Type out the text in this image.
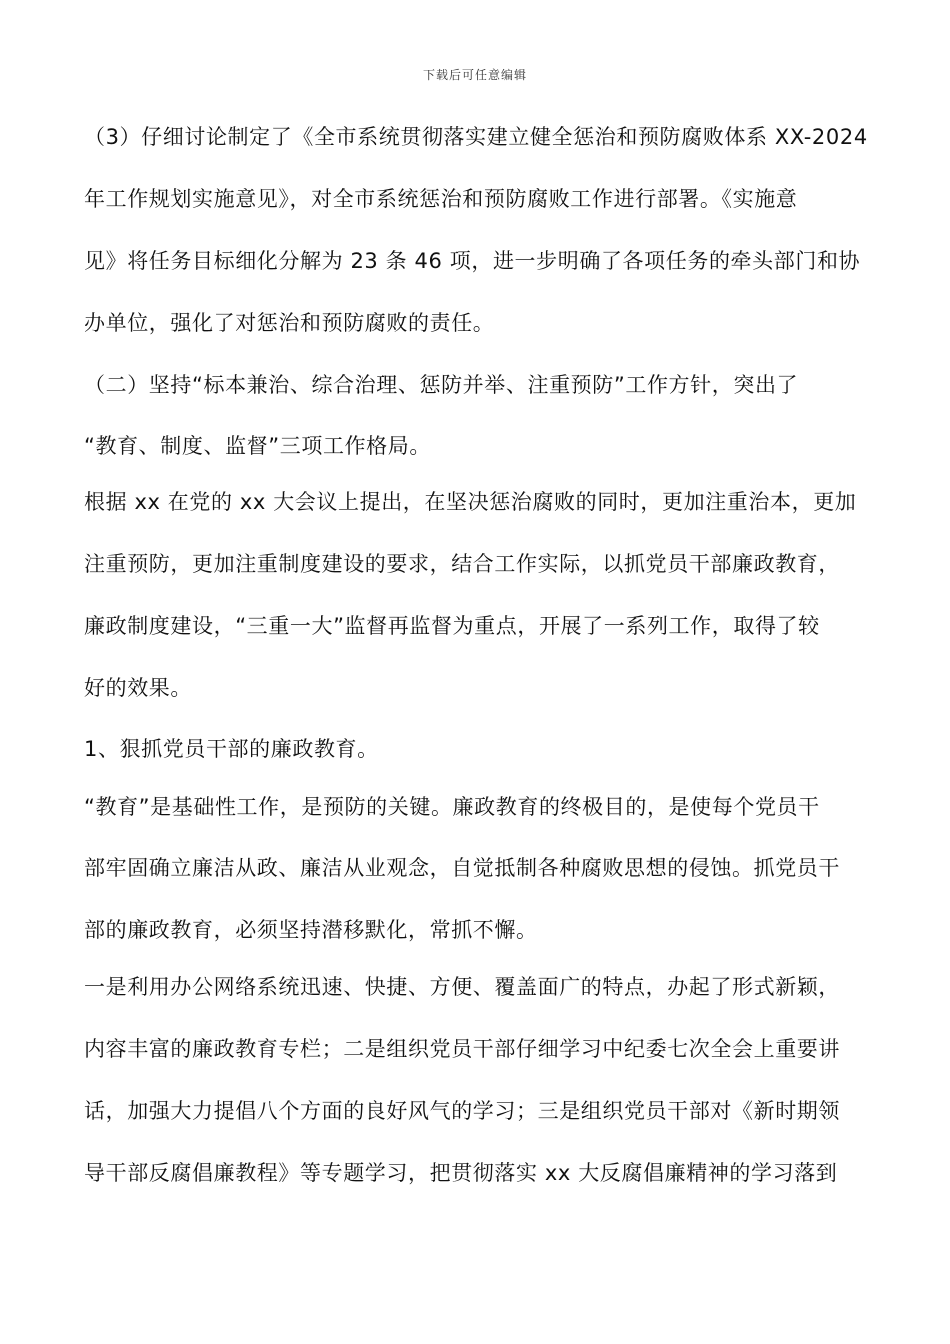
下载后可任意编辑
（3）仔细讨论制定了《全市系统贯彻落实建立健全惩治和预防腐败体系 XX-2024
年工作规划实施意见》，对全市系统惩治和预防腐败工作进行部署。《实施意
见》将任务目标细化分解为 23 条 46 项，进一步明确了各项任务的牵头部门和协
办单位，强化了对惩治和预防腐败的责任。
（二）坚持“标本兼治、综合治理、惩防并举、注重预防”工作方针，突出了
“教育、制度、监督”三项工作格局。
根据 xx 在党的 xx 大会议上提出，在坚决惩治腐败的同时，更加注重治本，更加
注重预防，更加注重制度建设的要求，结合工作实际，以抓党员干部廉政教育，
廉政制度建设，“三重一大”监督再监督为重点，开展了一系列工作，取得了较
好的效果。
1、狠抓党员干部的廉政教育。
“教育”是基础性工作，是预防的关键。廉政教育的终极目的，是使每个党员干
部牢固确立廉洁从政、廉洁从业观念，自觉抵制各种腐败思想的侵蚀。抓党员干
部的廉政教育，必须坚持潜移默化，常抓不懈。
一是利用办公网络系统迅速、快捷、方便、覆盖面广的特点，办起了形式新颖，
内容丰富的廉政教育专栏；二是组织党员干部仔细学习中纪委七次全会上重要讲
话，加强大力提倡八个方面的良好风气的学习；三是组织党员干部对《新时期领
导干部反腐倡廉教程》等专题学习，把贯彻落实 xx 大反腐倡廉精神的学习落到
